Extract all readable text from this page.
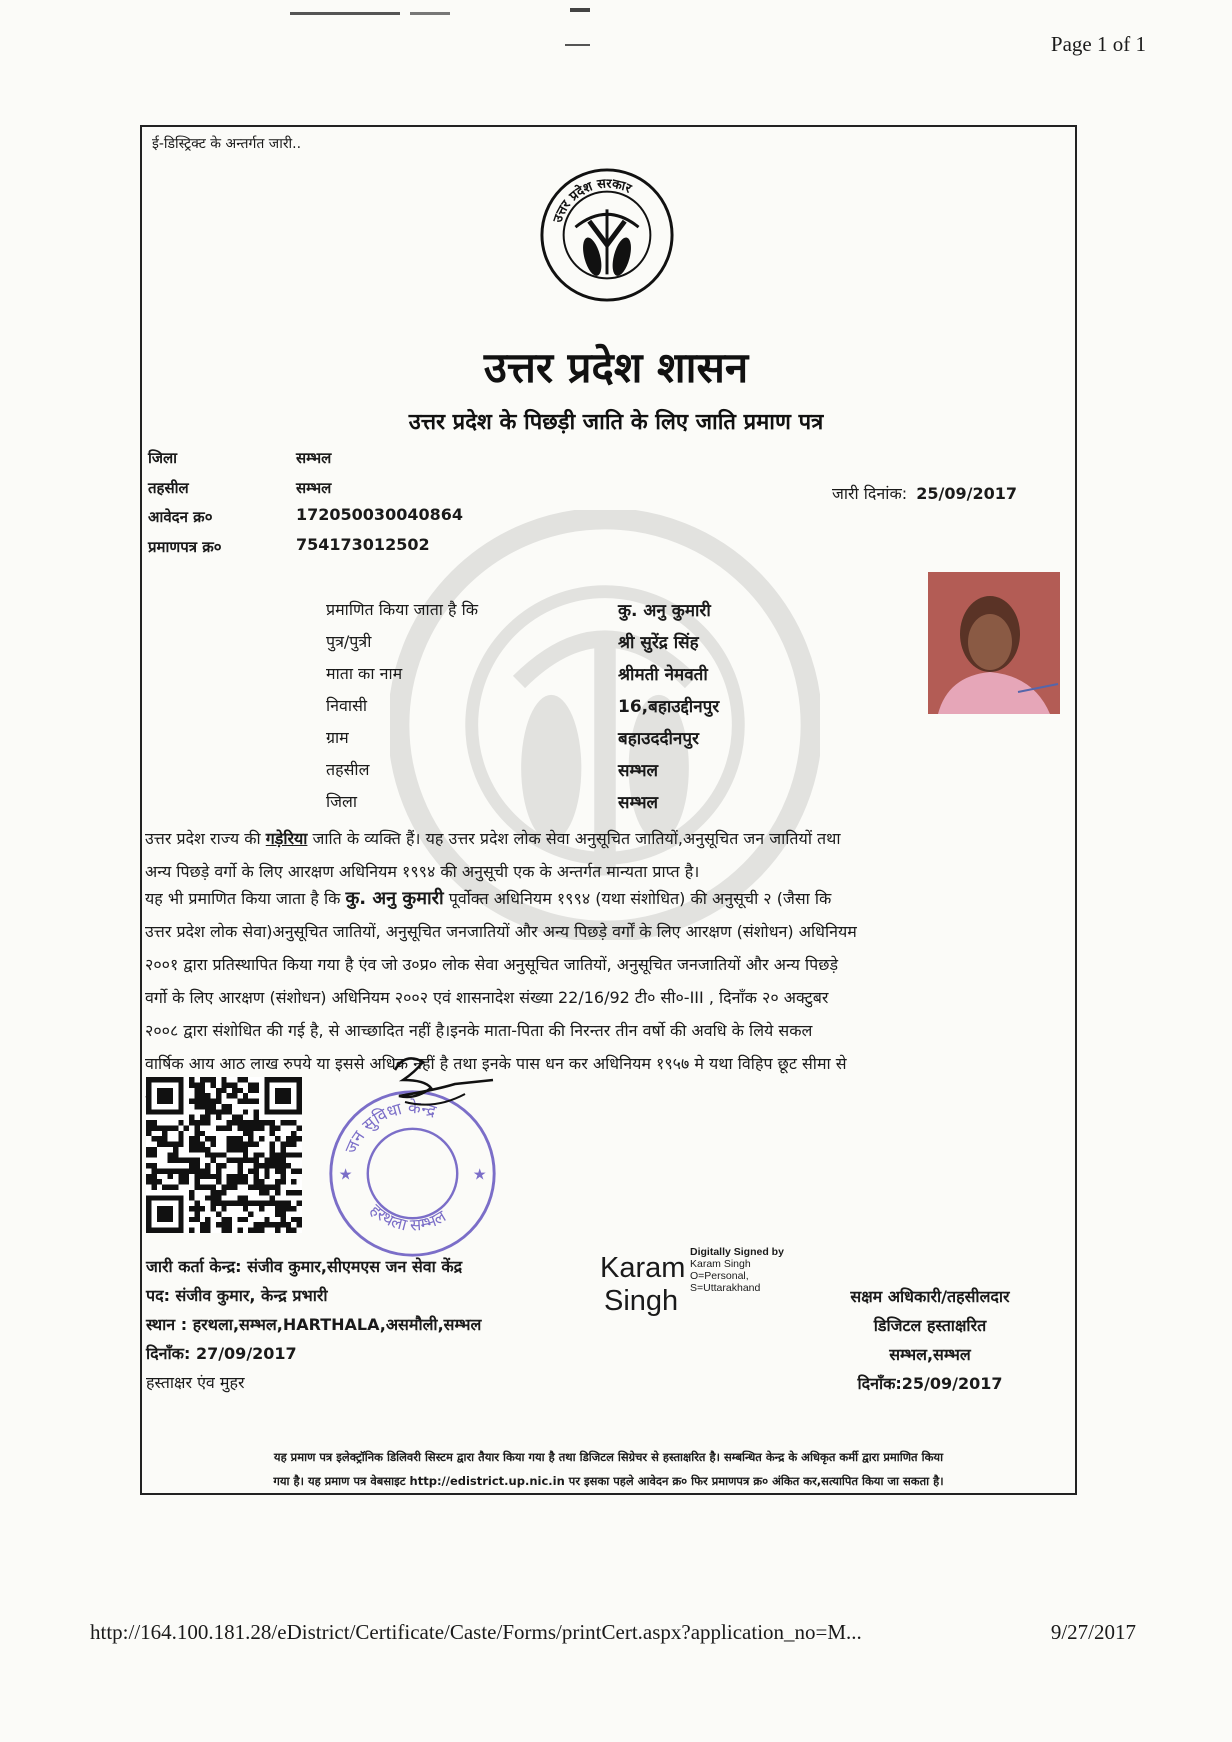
Page 1 of 1
ई-डिस्ट्रिक्ट के अन्तर्गत जारी..
उत्तर प्रदेश सरकार
उत्तर प्रदेश शासन
उत्तर प्रदेश के पिछड़ी जाति के लिए जाति प्रमाण पत्र
जिला	सम्भल
तहसील	सम्भल
आवेदन क्र०	172050030040864
प्रमाणपत्र क्र०	754173012502
जारी दिनांक: 25/09/2017
प्रमाणित किया जाता है कि	कु. अनु कुमारी
पुत्र/पुत्री	श्री सुरेंद्र सिंह
माता का नाम	श्रीमती नेमवती
निवासी	16,बहाउद्दीनपुर
ग्राम	बहाउददीनपुर
तहसील	सम्भल
जिला	सम्भल
उत्तर प्रदेश राज्य की गड़ेरिया जाति के व्यक्ति हैं। यह उत्तर प्रदेश लोक सेवा अनुसूचित जातियों,अनुसूचित जन जातियों तथा
अन्य पिछड़े वर्गो के लिए आरक्षण अधिनियम १९९४ की अनुसूची एक के अन्तर्गत मान्यता प्राप्त है।
यह भी प्रमाणित किया जाता है कि कु. अनु कुमारी पूर्वोक्त अधिनियम १९९४ (यथा संशोधित) की अनुसूची २ (जैसा कि
उत्तर प्रदेश लोक सेवा)अनुसूचित जातियों, अनुसूचित जनजातियों और अन्य पिछड़े वर्गों के लिए आरक्षण (संशोधन) अधिनियम
२००१ द्वारा प्रतिस्थापित किया गया है एंव जो उ०प्र० लोक सेवा अनुसूचित जातियों, अनुसूचित जनजातियों और अन्य पिछड़े
वर्गो के लिए आरक्षण (संशोधन) अधिनियम २००२ एवं शासनादेश संख्या 22/16/92 टी० सी०-III , दिनाँक २० अक्टुबर
२००८ द्वारा संशोधित की गई है, से आच्छादित नहीं है।इनके माता-पिता की निरन्तर तीन वर्षो की अवधि के लिये सकल
वार्षिक आय आठ लाख रुपये या इससे अधिक नहीं है तथा इनके पास धन कर अधिनियम १९५७ मे यथा विहिप छूट सीमा से
जन सुविधा केन्द्र
हरथला सम्भल
★	★
जारी कर्ता केन्द्र: संजीव कुमार,सीएमएस जन सेवा केंद्र
पद: संजीव कुमार, केन्द्र प्रभारी
स्थान : हरथला,सम्भल,HARTHALA,असमौली,सम्भल
दिनाँक: 27/09/2017
हस्ताक्षर एंव मुहर
Karam
Singh
Digitally Signed by
Karam Singh
O=Personal,
S=Uttarakhand	सक्षम अधिकारी/तहसीलदार
डिजिटल हस्ताक्षरित
सम्भल,सम्भल
दिनाँक:25/09/2017
यह प्रमाण पत्र इलेक्ट्रॉनिक डिलिवरी सिस्टम द्वारा तैयार किया गया है तथा डिजिटल सिग्रेचर से हस्ताक्षरित है। सम्बन्धित केन्द्र के अधिकृत कर्मी द्वारा प्रमाणित किया
गया है। यह प्रमाण पत्र वेबसाइट http://edistrict.up.nic.in पर इसका पहले आवेदन क्र० फिर प्रमाणपत्र क्र० अंकित कर,सत्यापित किया जा सकता है।
http://164.100.181.28/eDistrict/Certificate/Caste/Forms/printCert.aspx?application_no=M...	9/27/2017
